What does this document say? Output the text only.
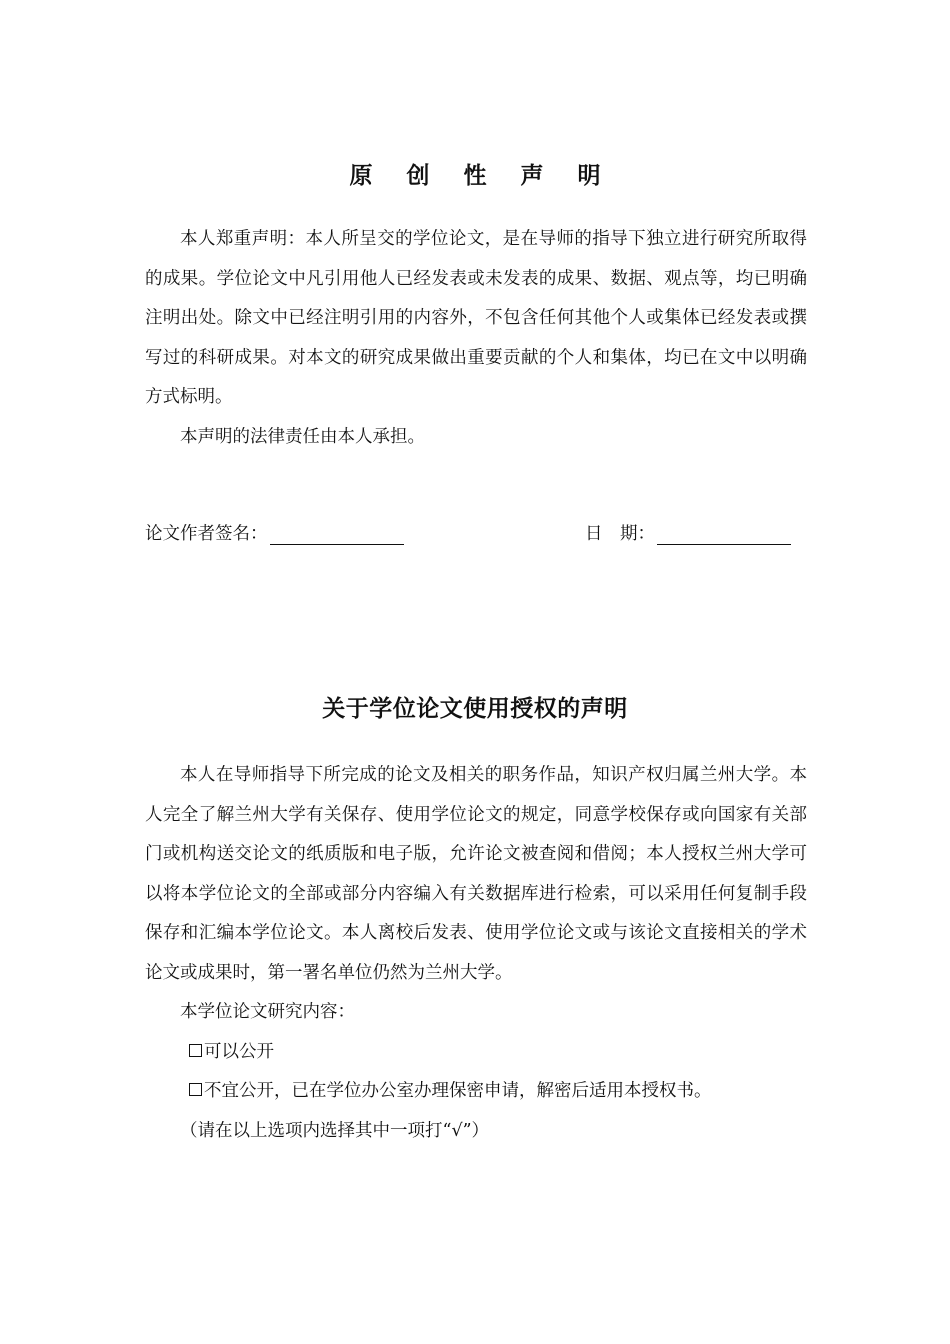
原 创 性 声 明

本人郑重声明：本人所呈交的学位论文，是在导师的指导下独立进行研究所取得的成果。学位论文中凡引用他人已经发表或未发表的成果、数据、观点等，均已明确注明出处。除文中已经注明引用的内容外，不包含任何其他个人或集体已经发表或撰写过的科研成果。对本文的研究成果做出重要贡献的个人和集体，均已在文中以明确方式标明。

本声明的法律责任由本人承担。

论文作者签名：	日　期：
关于学位论文使用授权的声明

本人在导师指导下所完成的论文及相关的职务作品，知识产权归属兰州大学。本人完全了解兰州大学有关保存、使用学位论文的规定，同意学校保存或向国家有关部门或机构送交论文的纸质版和电子版，允许论文被查阅和借阅；本人授权兰州大学可以将本学位论文的全部或部分内容编入有关数据库进行检索，可以采用任何复制手段保存和汇编本学位论文。本人离校后发表、使用学位论文或与该论文直接相关的学术论文或成果时，第一署名单位仍然为兰州大学。

本学位论文研究内容：

可以公开

不宜公开，已在学位办公室办理保密申请，解密后适用本授权书。

（请在以上选项内选择其中一项打“√”）
